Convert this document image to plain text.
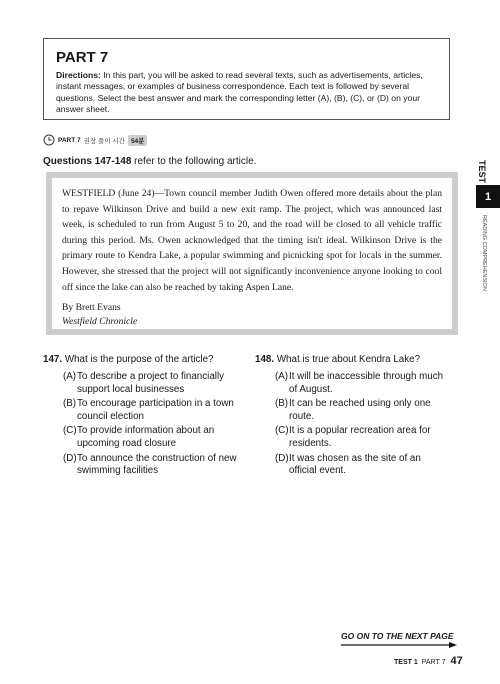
PART 7
Directions: In this part, you will be asked to read several texts, such as advertisements, articles, instant messages, or examples of business correspondence. Each text is followed by several questions. Select the best answer and mark the corresponding letter (A), (B), (C), or (D) on your answer sheet.
PART 7 권장 풀이 시간 54분
Questions 147-148 refer to the following article.

WESTFIELD (June 24)—Town council member Judith Owen offered more details about the plan to repave Wilkinson Drive and build a new exit ramp. The project, which was announced last week, is scheduled to run from August 5 to 20, and the road will be closed to all vehicle traffic during this period. Ms. Owen acknowledged that the timing isn't ideal. Wilkinson Drive is the primary route to Kendra Lake, a popular swimming and picnicking spot for locals in the summer. However, she stressed that the project will not significantly inconvenience anyone looking to cool off since the lake can also be reached by taking Aspen Lane.

By Brett Evans
Westfield Chronicle
147. What is the purpose of the article?
(A) To describe a project to financially support local businesses
(B) To encourage participation in a town council election
(C) To provide information about an upcoming road closure
(D) To announce the construction of new swimming facilities
148. What is true about Kendra Lake?
(A) It will be inaccessible through much of August.
(B) It can be reached using only one route.
(C) It is a popular recreation area for residents.
(D) It was chosen as the site of an official event.
TEST
1
READING COMPREHENSION
GO ON TO THE NEXT PAGE
TEST 1 PART 7 47
